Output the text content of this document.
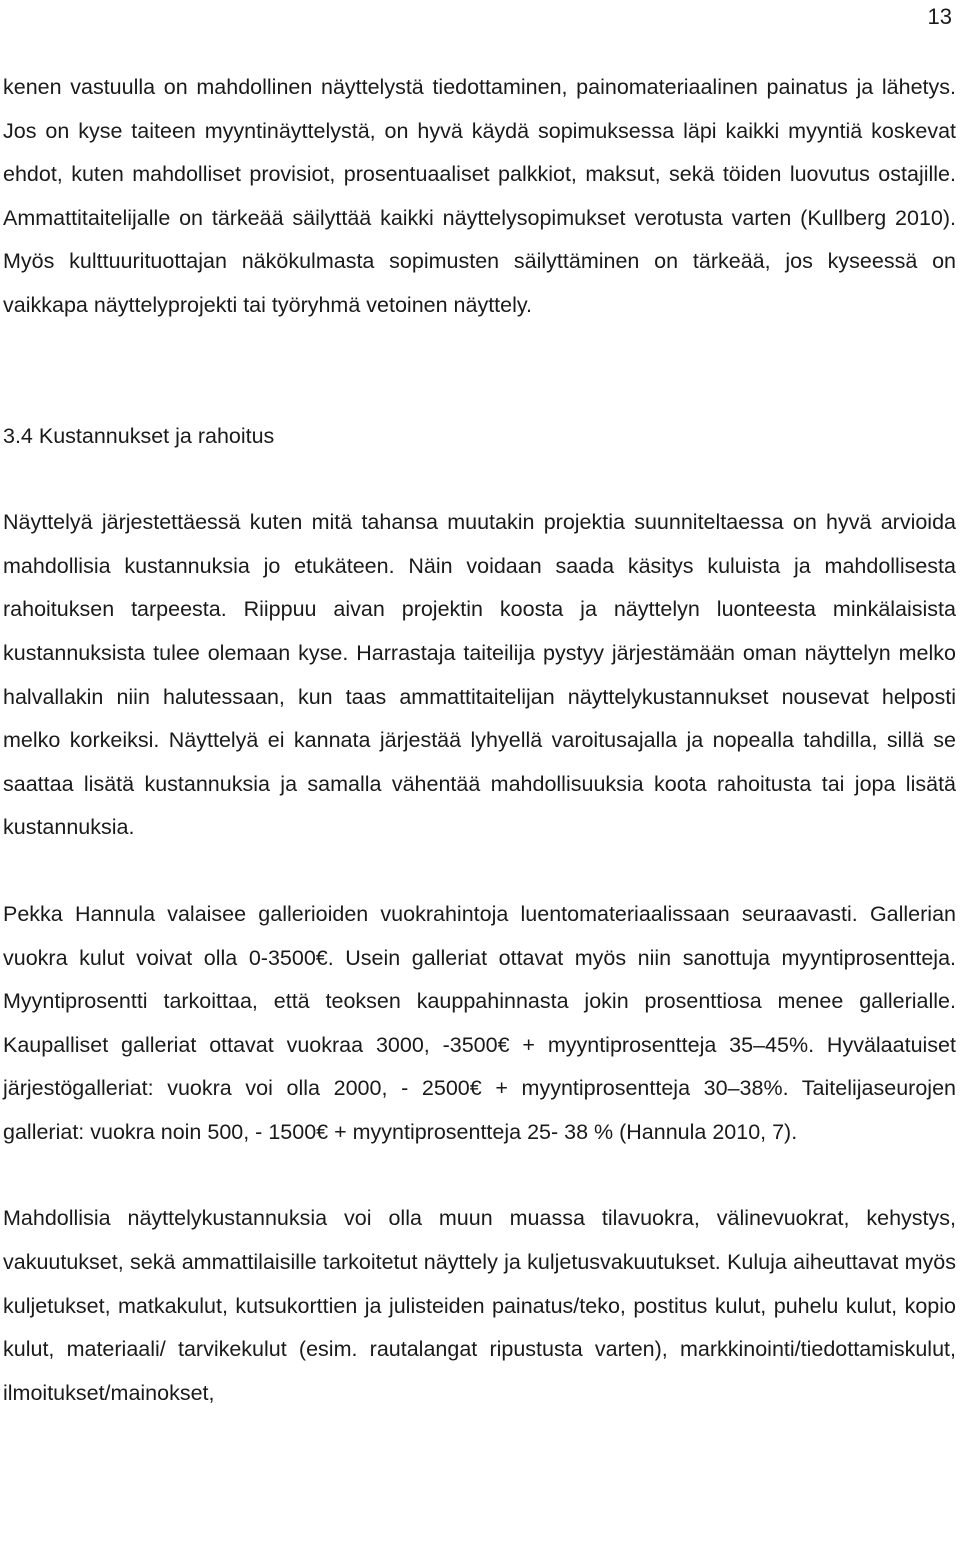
13

kenen vastuulla on mahdollinen näyttelystä tiedottaminen, painomateriaalinen painatus ja lähetys. Jos on kyse taiteen myyntinäyttelystä, on hyvä käydä sopimuksessa läpi kaikki myyntiä koskevat ehdot, kuten mahdolliset provisiot, prosentuaaliset palkkiot, maksut, sekä töiden luovutus ostajille. Ammattitaitelijalle on tärkeää säilyttää kaikki näyttelysopimukset verotusta varten (Kullberg 2010). Myös kulttuurituottajan näkökulmasta sopimusten säilyttäminen on tärkeää, jos kyseessä on vaikkapa näyttelyprojekti tai työryhmä vetoinen näyttely.

3.4 Kustannukset ja rahoitus

Näyttelyä järjestettäessä kuten mitä tahansa muutakin projektia suunniteltaessa on hyvä arvioida mahdollisia kustannuksia jo etukäteen. Näin voidaan saada käsitys kuluista ja mahdollisesta rahoituksen tarpeesta. Riippuu aivan projektin koosta ja näyttelyn luonteesta minkälaisista kustannuksista tulee olemaan kyse. Harrastaja taiteilija pystyy järjestämään oman näyttelyn melko halvallakin niin halutessaan, kun taas ammattitaitelijan näyttelykustannukset nousevat helposti melko korkeiksi. Näyttelyä ei kannata järjestää lyhyellä varoitusajalla ja nopealla tahdilla, sillä se saattaa lisätä kustannuksia ja samalla vähentää mahdollisuuksia koota rahoitusta tai jopa lisätä kustannuksia.

Pekka Hannula valaisee gallerioiden vuokrahintoja luentomateriaalissaan seuraavasti. Gallerian vuokra kulut voivat olla 0-3500€. Usein galleriat ottavat myös niin sanottuja myyntiprosentteja. Myyntiprosentti tarkoittaa, että teoksen kauppahinnasta jokin prosenttiosa menee gallerialle. Kaupalliset galleriat ottavat vuokraa 3000, -3500€ + myyntiprosentteja 35–45%. Hyvälaatuiset järjestögalleriat: vuokra voi olla 2000, - 2500€ + myyntiprosentteja 30–38%. Taitelijaseurojen galleriat: vuokra noin 500, - 1500€ + myyntiprosentteja 25- 38 % (Hannula 2010, 7).

Mahdollisia näyttelykustannuksia voi olla muun muassa tilavuokra, välinevuokrat, kehystys, vakuutukset, sekä ammattilaisille tarkoitetut näyttely ja kuljetusvakuutukset. Kuluja aiheuttavat myös kuljetukset, matkakulut, kutsukorttien ja julisteiden painatus/teko, postitus kulut, puhelu kulut, kopio kulut, materiaali/ tarvikekulut (esim. rautalangat ripustusta varten), markkinointi/tiedottamiskulut, ilmoitukset/mainokset,
